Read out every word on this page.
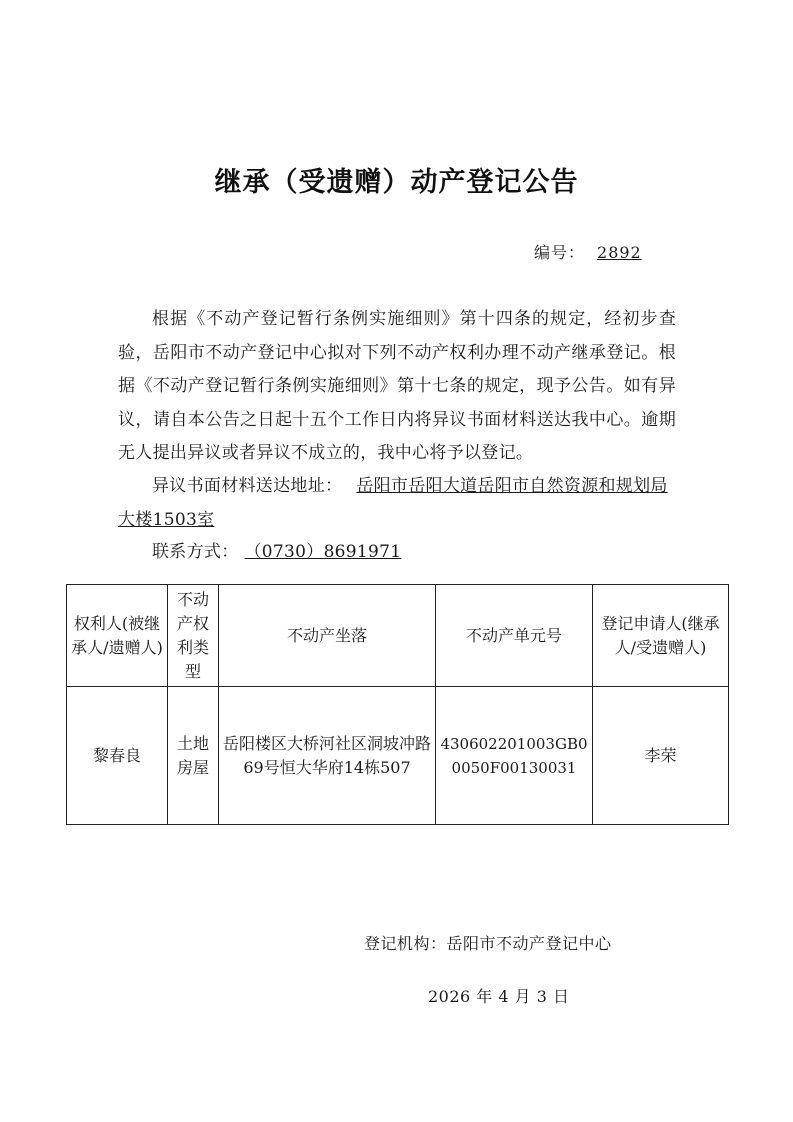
继承（受遗赠）动产登记公告
编号： 2892

根据《不动产登记暂行条例实施细则》第十四条的规定，经初步查验，岳阳市不动产登记中心拟对下列不动产权利办理不动产继承登记。根据《不动产登记暂行条例实施细则》第十七条的规定，现予公告。如有异议，请自本公告之日起十五个工作日内将异议书面材料送达我中心。逾期无人提出异议或者异议不成立的，我中心将予以登记。

异议书面材料送达地址： 岳阳市岳阳大道岳阳市自然资源和规划局大楼1503室

联系方式： （0730）8691971
权利人(被继承人/遗赠人)	不动产权利类型	不动产坐落	不动产单元号	登记申请人(继承人/受遗赠人)
黎春良	土地房屋	岳阳楼区大桥河社区洞坡冲路69号恒大华府14栋507	430602201003GB00050F00130031	李荣
登记机构：岳阳市不动产登记中心
2026 年 4 月 3 日
